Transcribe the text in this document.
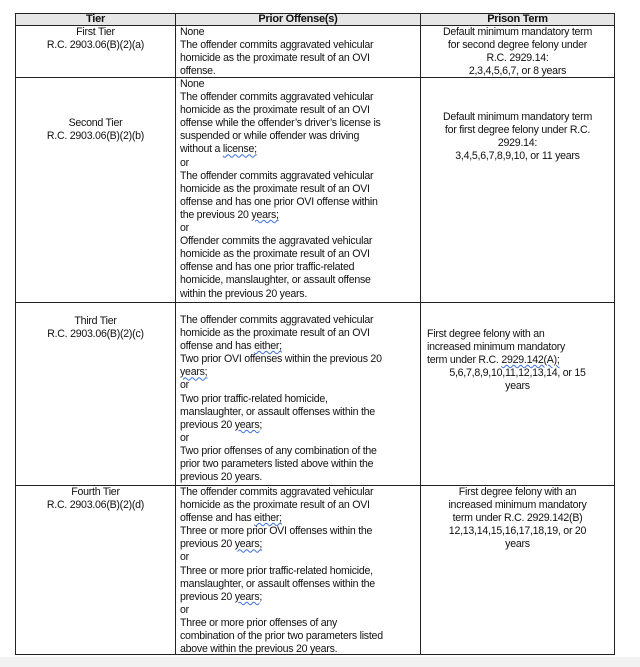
Tier	Prior Offense(s)	Prison Term
First Tier
R.C. 2903.06(B)(2)(a)
None
The offender commits aggravated vehicular
homicide as the proximate result of an OVI
offense.
Default minimum mandatory term
for second degree felony under
R.C. 2929.14:
2,3,4,5,6,7, or 8 years
Second Tier
R.C. 2903.06(B)(2)(b)
None
The offender commits aggravated vehicular
homicide as the proximate result of an OVI
offense while the offender’s driver’s license is
suspended or while offender was driving
without a license;
or
The offender commits aggravated vehicular
homicide as the proximate result of an OVI
offense and has one prior OVI offense within
the previous 20 years;
or
Offender commits the aggravated vehicular
homicide as the proximate result of an OVI
offense and has one prior traffic-related
homicide, manslaughter, or assault offense
within the previous 20 years.
Default minimum mandatory term
for first degree felony under R.C.
2929.14:
3,4,5,6,7,8,9,10, or 11 years
Third Tier
R.C. 2903.06(B)(2)(c)
The offender commits aggravated vehicular
homicide as the proximate result of an OVI
offense and has either;
Two prior OVI offenses within the previous 20
years;
or
Two prior traffic-related homicide,
manslaughter, or assault offenses within the
previous 20 years;
or
Two prior offenses of any combination of the
prior two parameters listed above within the
previous 20 years.
First degree felony with an
increased minimum mandatory
term under R.C. 2929.142(A);
5,6,7,8,9,10,11,12,13,14, or 15
years
Fourth Tier
R.C. 2903.06(B)(2)(d)
The offender commits aggravated vehicular
homicide as the proximate result of an OVI
offense and has either;
Three or more prior OVI offenses within the
previous 20 years;
or
Three or more prior traffic-related homicide,
manslaughter, or assault offenses within the
previous 20 years;
or
Three or more prior offenses of any
combination of the prior two parameters listed
above within the previous 20 years.
First degree felony with an
increased minimum mandatory
term under R.C. 2929.142(B)
12,13,14,15,16,17,18,19, or 20
years
